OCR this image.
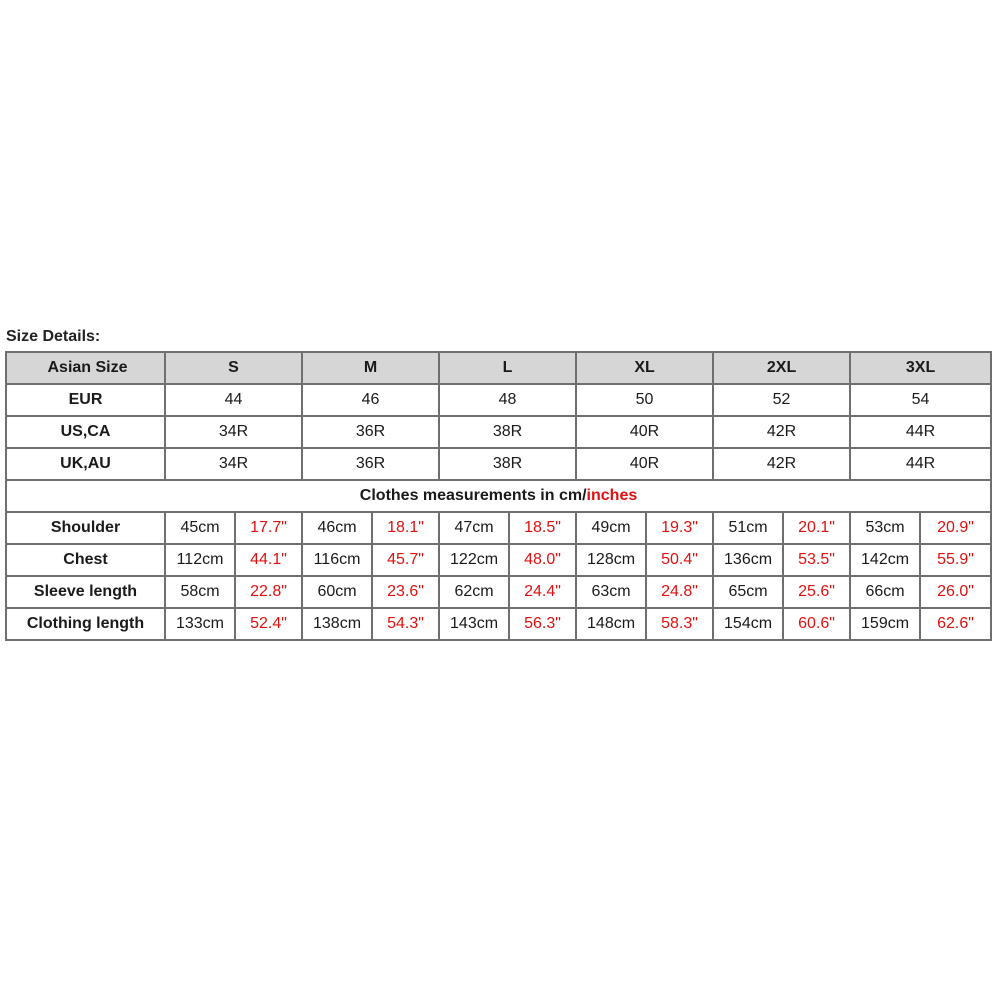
Size Details:
Asian Size	S		M		L		XL		2XL		3XL	
EUR	44		46		48		50		52		54	
US,CA	34R		36R		38R		40R		42R		44R	
UK,AU	34R		36R		38R		40R		42R		44R	
Clothes measurements in cm/inches												
Shoulder	45cm	17.7"	46cm	18.1"	47cm	18.5"	49cm	19.3"	51cm	20.1"	53cm	20.9"
Chest	112cm	44.1"	116cm	45.7"	122cm	48.0"	128cm	50.4"	136cm	53.5"	142cm	55.9"
Sleeve length	58cm	22.8"	60cm	23.6"	62cm	24.4"	63cm	24.8"	65cm	25.6"	66cm	26.0"
Clothing length	133cm	52.4"	138cm	54.3"	143cm	56.3"	148cm	58.3"	154cm	60.6"	159cm	62.6"
